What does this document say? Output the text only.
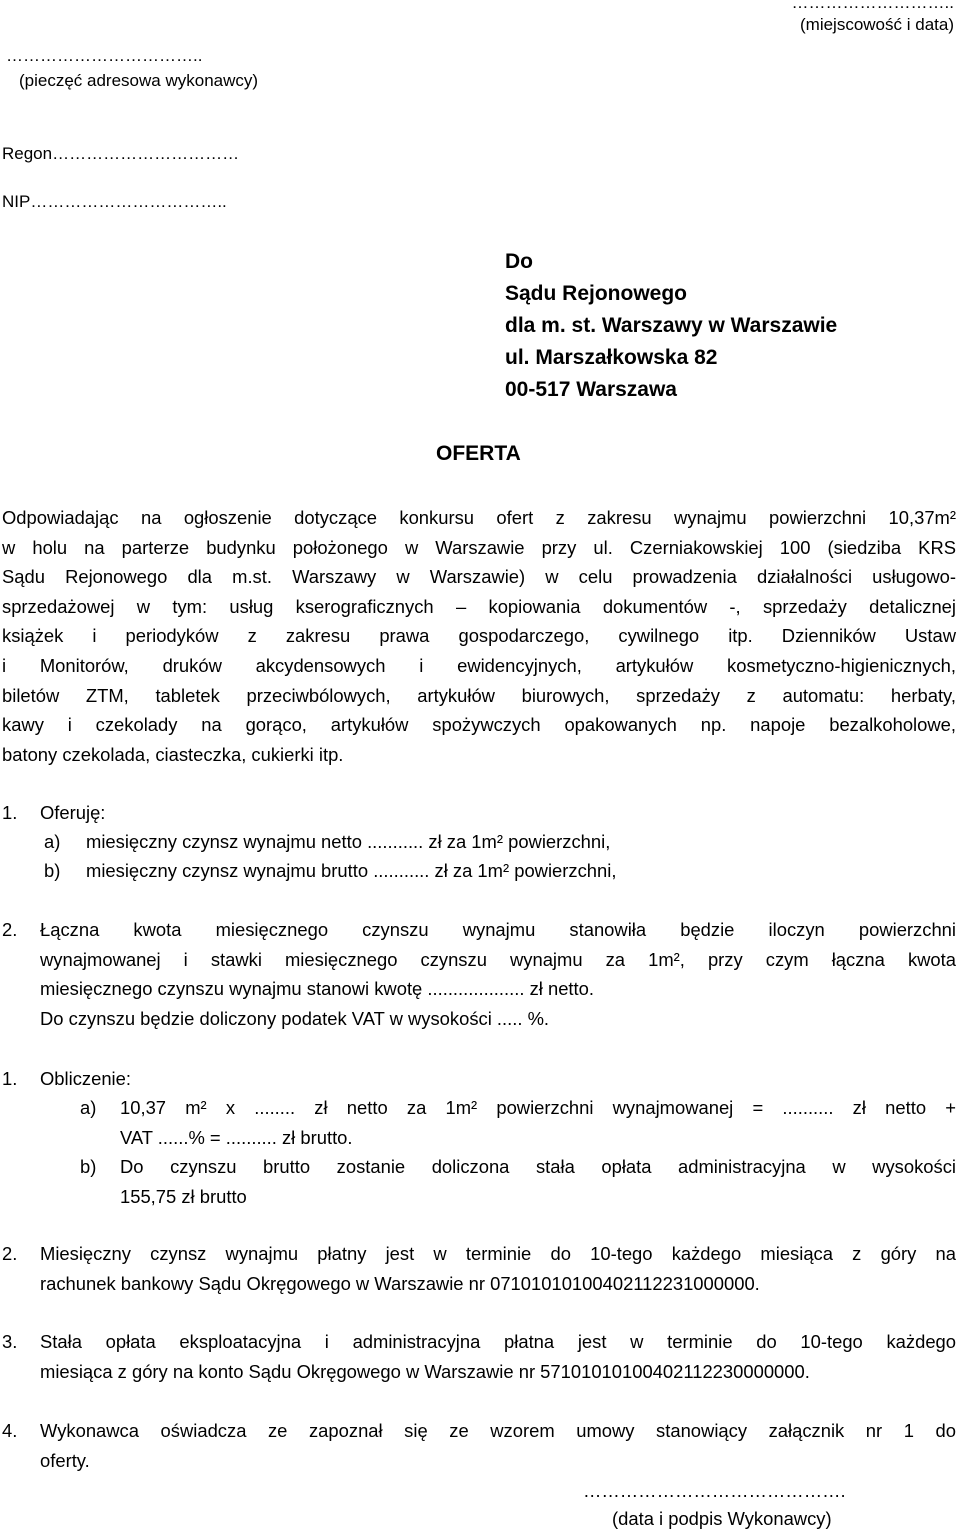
………………………..
(miejscowość i data)
……………………………..
(pieczęć adresowa wykonawcy)
Regon……………………………
NIP……………………………..
Do
Sądu Rejonowego
dla m. st. Warszawy w Warszawie
ul. Marszałkowska 82
00-517 Warszawa
OFERTA
Odpowiadając na ogłoszenie dotyczące konkursu ofert z zakresu wynajmu powierzchni 10,37m²
w holu na parterze budynku położonego w Warszawie przy ul. Czerniakowskiej 100 (siedziba KRS
Sądu Rejonowego dla m.st. Warszawy w Warszawie) w celu prowadzenia działalności usługowo-
sprzedażowej w tym: usług kserograficznych – kopiowania dokumentów -, sprzedaży detalicznej
książek i periodyków z zakresu prawa gospodarczego, cywilnego itp. Dzienników Ustaw
i Monitorów, druków akcydensowych i ewidencyjnych, artykułów kosmetyczno-higienicznych,
biletów ZTM, tabletek przeciwbólowych, artykułów biurowych, sprzedaży z automatu: herbaty,
kawy i czekolady na gorąco, artykułów spożywczych opakowanych np. napoje bezalkoholowe,
batony czekolada, ciasteczka, cukierki itp.
1. Oferuję:
a) miesięczny czynsz wynajmu netto ........... zł za 1m² powierzchni,
b) miesięczny czynsz wynajmu brutto ........... zł za 1m² powierzchni,
2. Łączna kwota miesięcznego czynszu wynajmu stanowiła będzie iloczyn powierzchni
wynajmowanej i stawki miesięcznego czynszu wynajmu za 1m², przy czym łączna kwota
miesięcznego czynszu wynajmu stanowi kwotę ................... zł netto.
Do czynszu będzie doliczony podatek VAT w wysokości ..... %.
1. Obliczenie:
a) 10,37 m² x ........ zł netto za 1m² powierzchni wynajmowanej = .......... zł netto +
VAT ......% = .......... zł brutto.
b) Do czynszu brutto zostanie doliczona stała opłata administracyjna w wysokości
155,75 zł brutto
2. Miesięczny czynsz wynajmu płatny jest w terminie do 10-tego każdego miesiąca z góry na
rachunek bankowy Sądu Okręgowego w Warszawie nr 07101010100402112231000000.
3. Stała opłata eksploatacyjna i administracyjna płatna jest w terminie do 10-tego każdego
miesiąca z góry na konto Sądu Okręgowego w Warszawie nr 57101010100402112230000000.
4. Wykonawca oświadcza ze zapoznał się ze wzorem umowy stanowiący załącznik nr 1 do
oferty.
…………………………………….
(data i podpis Wykonawcy)
